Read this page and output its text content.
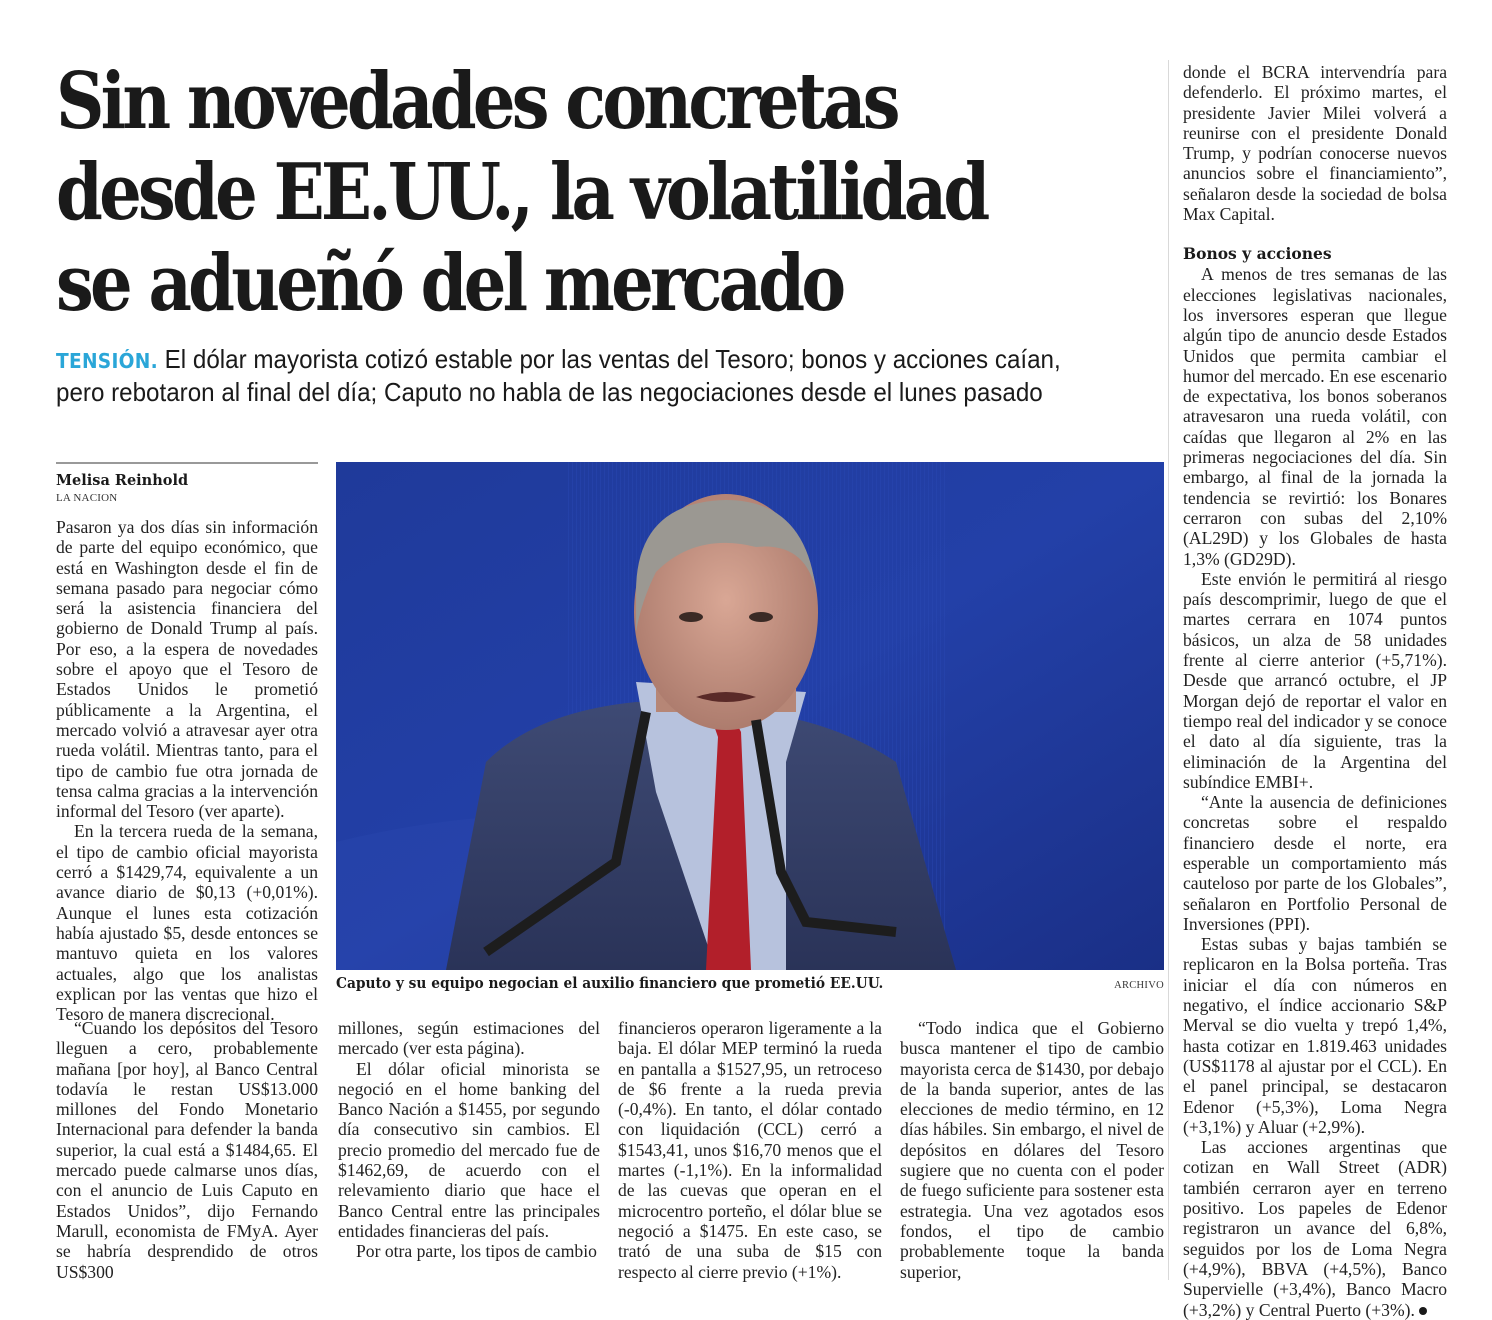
Sin novedades concretas
desde EE.UU., la volatilidad
se adueñó del mercado
TENSIÓN. El dólar mayorista cotizó estable por las ventas del Tesoro; bonos y acciones caían,
pero rebotaron al final del día; Caputo no habla de las negociaciones desde el lunes pasado
Melisa Reinhold
LA NACION

Pasaron ya dos días sin información de parte del equipo económico, que está en Washington desde el fin de semana pasado para negociar cómo será la asistencia financiera del gobierno de Donald Trump al país. Por eso, a la espera de novedades sobre el apoyo que el Tesoro de Estados Unidos le prometió públicamente a la Argentina, el mercado volvió a atravesar ayer otra rueda volátil. Mientras tanto, para el tipo de cambio fue otra jornada de tensa calma gracias a la intervención informal del Tesoro (ver aparte).

En la tercera rueda de la semana, el tipo de cambio oficial mayorista cerró a $1429,74, equivalente a un avance diario de $0,13 (+0,01%). Aunque el lunes esta cotización había ajustado $5, desde entonces se mantuvo quieta en los valores actuales, algo que los analistas explican por las ventas que hizo el Tesoro de manera discrecional.

“Cuando los depósitos del Tesoro lleguen a cero, probablemente mañana [por hoy], al Banco Central todavía le restan US$13.000 millones del Fondo Monetario Internacional para defender la banda superior, la cual está a $1484,65. El mercado puede calmarse unos días, con el anuncio de Luis Caputo en Estados Unidos”, dijo Fernando Marull, economista de FMyA. Ayer se habría desprendido de otros US$300

Caputo y su equipo negocian el auxilio financiero que prometió EE.UU.	ARCHIVO

millones, según estimaciones del mercado (ver esta página).

El dólar oficial minorista se negoció en el home banking del Banco Nación a $1455, por segundo día consecutivo sin cambios. El precio promedio del mercado fue de $1462,69, de acuerdo con el relevamiento diario que hace el Banco Central entre las principales entidades financieras del país.

Por otra parte, los tipos de cambio

financieros operaron ligeramente a la baja. El dólar MEP terminó la rueda en pantalla a $1527,95, un retroceso de $6 frente a la rueda previa (-0,4%). En tanto, el dólar contado con liquidación (CCL) cerró a $1543,41, unos $16,70 menos que el martes (-1,1%). En la informalidad de las cuevas que operan en el microcentro porteño, el dólar blue se negoció a $1475. En este caso, se trató de una suba de $15 con respecto al cierre previo (+1%).

“Todo indica que el Gobierno busca mantener el tipo de cambio mayorista cerca de $1430, por debajo de la banda superior, antes de las elecciones de medio término, en 12 días hábiles. Sin embargo, el nivel de depósitos en dólares del Tesoro sugiere que no cuenta con el poder de fuego suficiente para sostener esta estrategia. Una vez agotados esos fondos, el tipo de cambio probablemente toque la banda superior,

donde el BCRA intervendría para defenderlo. El próximo martes, el presidente Javier Milei volverá a reunirse con el presidente Donald Trump, y podrían conocerse nuevos anuncios sobre el financiamiento”, señalaron desde la sociedad de bolsa Max Capital.

Bonos y acciones

A menos de tres semanas de las elecciones legislativas nacionales, los inversores esperan que llegue algún tipo de anuncio desde Estados Unidos que permita cambiar el humor del mercado. En ese escenario de expectativa, los bonos soberanos atravesaron una rueda volátil, con caídas que llegaron al 2% en las primeras negociaciones del día. Sin embargo, al final de la jornada la tendencia se revirtió: los Bonares cerraron con subas del 2,10% (AL29D) y los Globales de hasta 1,3% (GD29D).

Este envión le permitirá al riesgo país descomprimir, luego de que el martes cerrara en 1074 puntos básicos, un alza de 58 unidades frente al cierre anterior (+5,71%). Desde que arrancó octubre, el JP Morgan dejó de reportar el valor en tiempo real del indicador y se conoce el dato al día siguiente, tras la eliminación de la Argentina del subíndice EMBI+.

“Ante la ausencia de definiciones concretas sobre el respaldo financiero desde el norte, era esperable un comportamiento más cauteloso por parte de los Globales”, señalaron en Portfolio Personal de Inversiones (PPI).

Estas subas y bajas también se replicaron en la Bolsa porteña. Tras iniciar el día con números en negativo, el índice accionario S&P Merval se dio vuelta y trepó 1,4%, hasta cotizar en 1.819.463 unidades (US$1178 al ajustar por el CCL). En el panel principal, se destacaron Edenor (+5,3%), Loma Negra (+3,1%) y Aluar (+2,9%).

Las acciones argentinas que cotizan en Wall Street (ADR) también cerraron ayer en terreno positivo. Los papeles de Edenor registraron un avance del 6,8%, seguidos por los de Loma Negra (+4,9%), BBVA (+4,5%), Banco Supervielle (+3,4%), Banco Macro (+3,2%) y Central Puerto (+3%).
